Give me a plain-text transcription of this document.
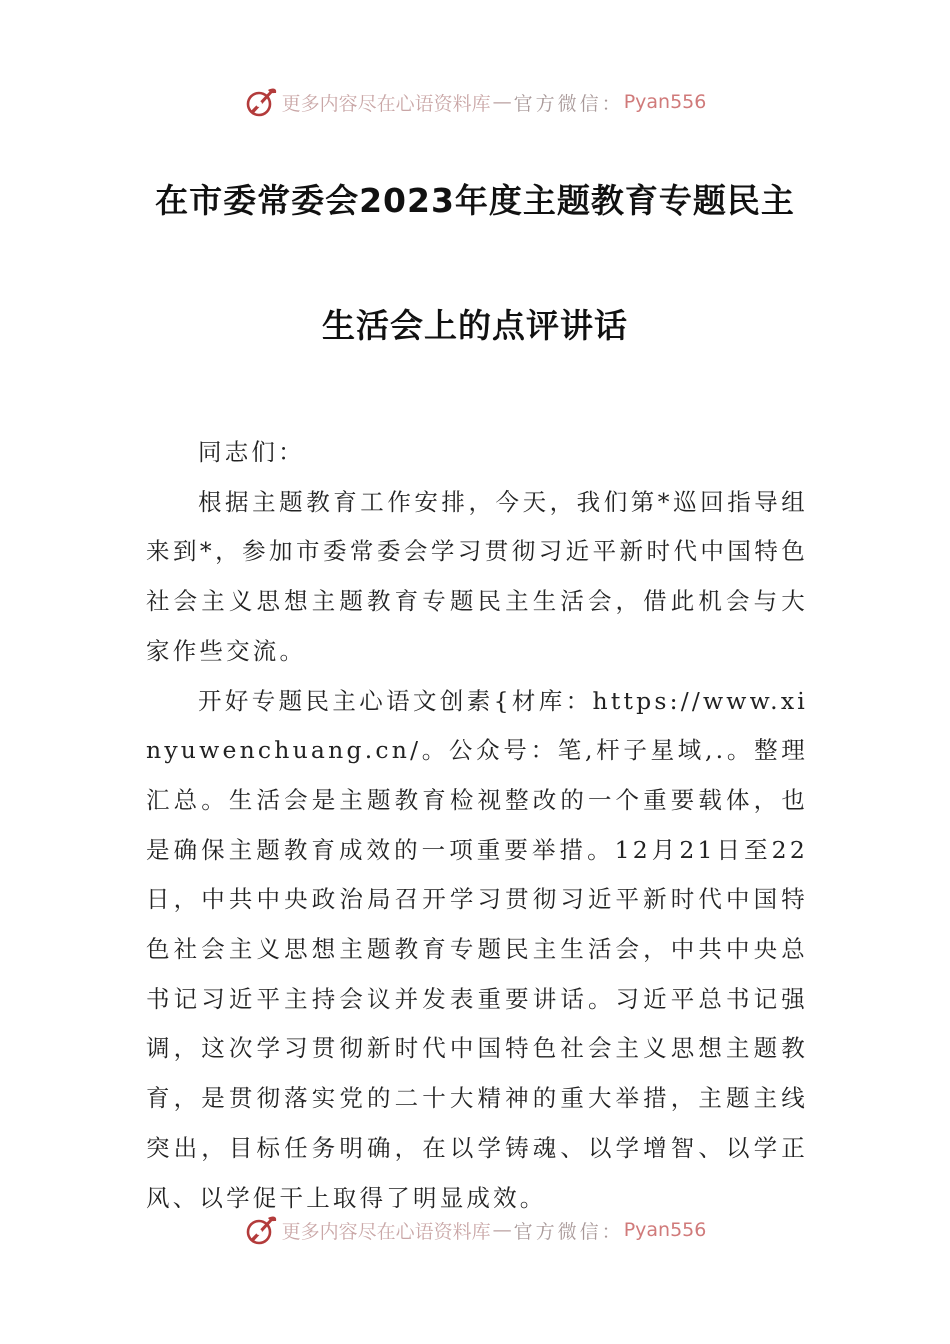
更多内容尽在心语资料库 — 官方微信： Pyan556
在市委常委会2023年度主题教育专题民主
生活会上的点评讲话

同志们：

根据主题教育工作安排，今天，我们第*巡回指导组来到*，参加市委常委会学习贯彻习近平新时代中国特色社会主义思想主题教育专题民主生活会，借此机会与大家作些交流。

开好专题民主心语文创素{材库：https://www.xinyuwenchuang.cn/。公众号：笔,杆子星域,.。整理汇总。生活会是主题教育检视整改的一个重要载体，也是确保主题教育成效的一项重要举措。12月21日至22日，中共中央政治局召开学习贯彻习近平新时代中国特色社会主义思想主题教育专题民主生活会，中共中央总书记习近平主持会议并发表重要讲话。习近平总书记强调，这次学习贯彻新时代中国特色社会主义思想主题教育，是贯彻落实党的二十大精神的重大举措，主题主线突出，目标任务明确，在以学铸魂、以学增智、以学正风、以学促干上取得了明显成效。

更多内容尽在心语资料库 — 官方微信： Pyan556
